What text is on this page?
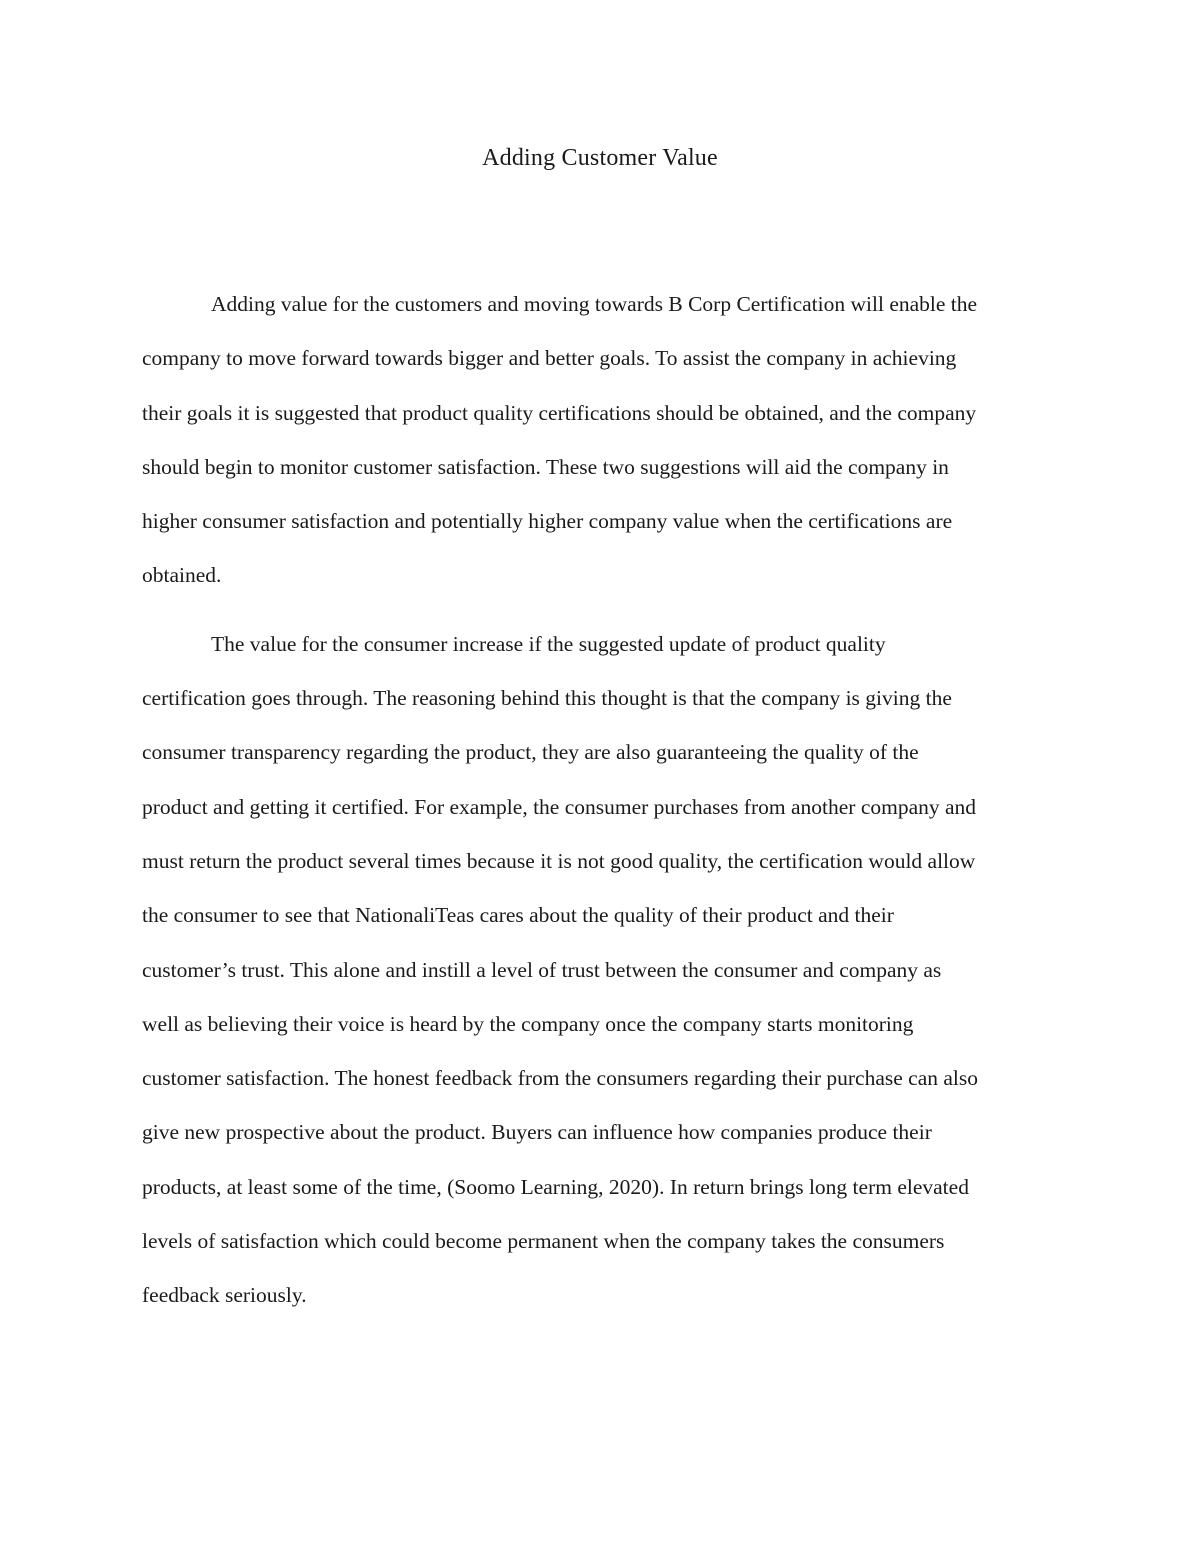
Adding Customer Value

Adding value for the customers and moving towards B Corp Certification will enable the

company to move forward towards bigger and better goals. To assist the company in achieving

their goals it is suggested that product quality certifications should be obtained, and the company

should begin to monitor customer satisfaction. These two suggestions will aid the company in

higher consumer satisfaction and potentially higher company value when the certifications are

obtained.

The value for the consumer increase if the suggested update of product quality

certification goes through. The reasoning behind this thought is that the company is giving the

consumer transparency regarding the product, they are also guaranteeing the quality of the

product and getting it certified. For example, the consumer purchases from another company and

must return the product several times because it is not good quality, the certification would allow

the consumer to see that NationaliTeas cares about the quality of their product and their

customer’s trust. This alone and instill a level of trust between the consumer and company as

well as believing their voice is heard by the company once the company starts monitoring

customer satisfaction. The honest feedback from the consumers regarding their purchase can also

give new prospective about the product. Buyers can influence how companies produce their

products, at least some of the time, (Soomo Learning, 2020). In return brings long term elevated

levels of satisfaction which could become permanent when the company takes the consumers

feedback seriously.
